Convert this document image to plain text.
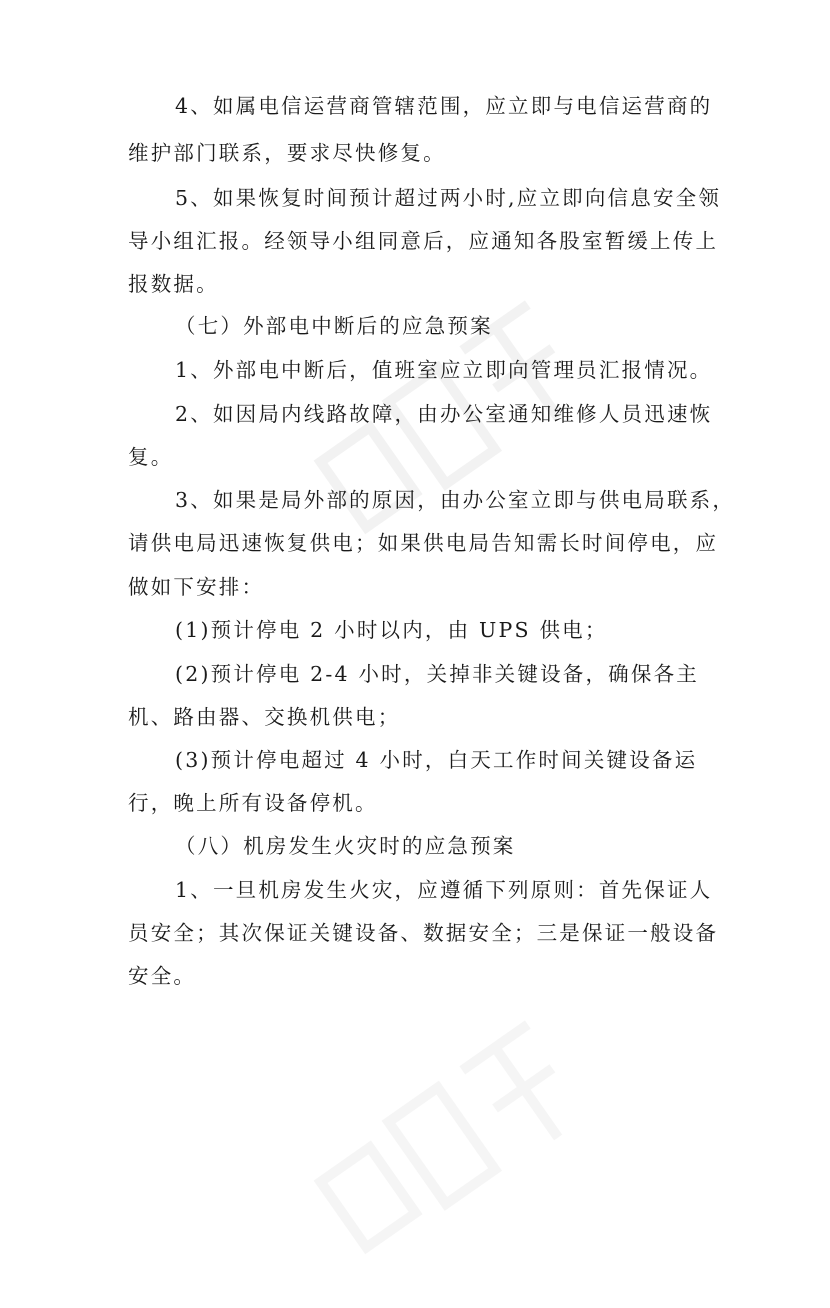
4、如属电信运营商管辖范围，应立即与电信运营商的
维护部门联系，要求尽快修复。
5、如果恢复时间预计超过两小时,应立即向信息安全领
导小组汇报。经领导小组同意后，应通知各股室暂缓上传上
报数据。
（七）外部电中断后的应急预案
1、外部电中断后，值班室应立即向管理员汇报情况。
2、如因局内线路故障，由办公室通知维修人员迅速恢
复。
3、如果是局外部的原因，由办公室立即与供电局联系，
请供电局迅速恢复供电；如果供电局告知需长时间停电，应
做如下安排：
(1)预计停电 2 小时以内，由 UPS 供电；
(2)预计停电 2-4 小时，关掉非关键设备，确保各主
机、路由器、交换机供电；
(3)预计停电超过 4 小时，白天工作时间关键设备运
行，晚上所有设备停机。
（八）机房发生火灾时的应急预案
1、一旦机房发生火灾，应遵循下列原则：首先保证人
员安全；其次保证关键设备、数据安全；三是保证一般设备
安全。
